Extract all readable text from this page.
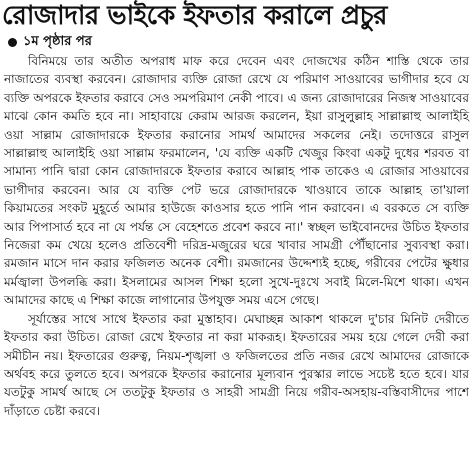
রোজাদার ভাইকে ইফতার করালে প্রচুর
১ম পৃষ্ঠার পর

বিনিময়ে তার অতীত অপরাধ মাফ করে দেবেন এবং দোজখের কঠিন শাস্তি থেকে তার নাজাতের ব্যবস্থা করবেন। রোজাদার ব্যক্তি রোজা রেখে যে পরিমাণ সাওয়াবের ভাগীদার হবে যে ব্যক্তি অপরকে ইফতার করাবে সেও সমপরিমাণ নেকী পাবে। এ জন্য রোজাদারের নিজস্ব সাওয়াবের মাঝে কোন কমতি হবে না। সাহাবায়ে কেরাম আরজ করলেন, ইয়া রাসুলুল্লাহ সাল্লাল্লাহু আলাইহি ওয়া সাল্লাম রোজাদারকে ইফতার করানোর সামর্থ আমাদের সকলের নেই। তদোত্তরে রাসুল সাল্লাল্লাহু আলাইহি ওয়া সাল্লাম ফরমালেন, 'যে ব্যক্তি একটি খেজুর কিংবা একটু দুধের শরবত বা সামান্য পানি দ্বারা কোন রোজাদারকে ইফতার করাবে আল্লাহ পাক তাকেও এ রোজার সাওয়াবের ভাগীদার করবেন। আর যে ব্যক্তি পেট ভরে রোজাদারকে খাওয়াবে তাকে আল্লাহ তা'য়ালা কিয়ামতের সংকট মুহূর্তে আমার হাউজে কাওসার হতে পানি পান করাবেন। এ বরকতে সে ব্যক্তি আর পিপাসার্ত হবে না যে পর্যন্ত সে বেহেশতে প্রবেশ করবে না।' স্বচ্ছল ভাইবোনদের উচিত ইফতার নিজেরা কম খেয়ে হলেও প্রতিবেশী দরিদ্র-মজুরের ঘরে খাবার সামগ্রী পৌঁছানোর সুব্যবস্থা করা। রমজান মাসে দান করার ফজিলত অনেক বেশী। রমজানের উদ্দেশ্যই হচ্ছে, গরীবের পেটের ক্ষুধার মর্মজ্বালা উপলব্ধি করা। ইসলামের আসল শিক্ষা হলো সুখে-দুঃখে সবাই মিলে-মিশে থাকা। এখন আমাদের কাছে এ শিক্ষা কাজে লাগানোর উপযুক্ত সময় এসে গেছে।

সূর্যাস্তের সাথে সাথে ইফতার করা মুস্তাহাব। মেঘাচ্ছন্ন আকাশ থাকলে দু'চার মিনিট দেরীতে ইফতার করা উচিত। রোজা রেখে ইফতার না করা মাকরূহ। ইফতারের সময় হয়ে গেলে দেরী করা সমীচীন নয়। ইফতারের গুরুত্ব, নিয়ম-শৃঙ্খলা ও ফজিলতের প্রতি নজর রেখে আমাদের রোজাকে অর্থবহ করে তুলতে হবে। অপরকে ইফতার করানোর মূল্যবান পুরস্কার লাভে সচেষ্ট হতে হবে। যার যতটুকু সামর্থ আছে সে ততটুকু ইফতার ও সাহরী সামগ্রী নিয়ে গরীব-অসহায়-বস্তিবাসীদের পাশে দাঁড়াতে চেষ্টা করবে।
